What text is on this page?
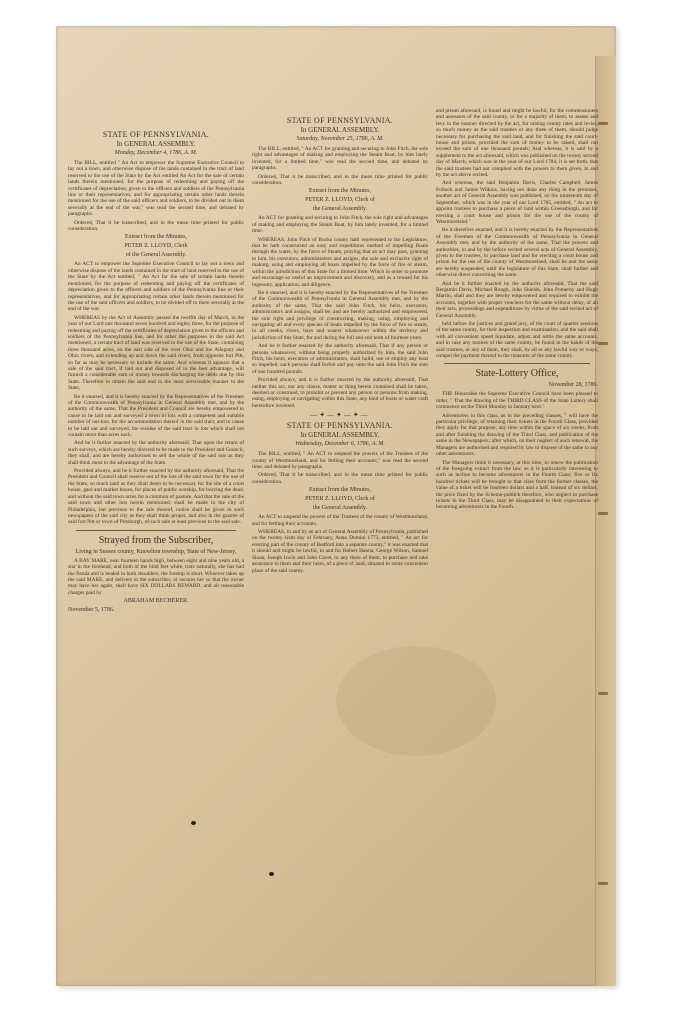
STATE OF PENNSYLVANIA.
In GENERAL ASSEMBLY.
Monday, December 4, 1786, A. M.

The BILL, entitled " An Act to empower the Supreme Executive Council to lay out a town, and otherwise dispose of the lands contained in the tract of land reserved to the use of the State by the Act entitled An Act for the sale of certain lands therein mentioned, for the purpose of redeeming and paying off the certificates of depreciation, given to the officers and soldiers of the Pennsylvania line or their representatives, and for appropriating certain other lands therein mentioned for the use of the said officers and soldiers, to be divided out to them severally at the end of the war," was read the second time, and debated by paragraphs.

Ordered, That it be transcribed, and in the mean time printed for public consideration.

Extract from the Minutes,
PETER Z. LLOYD, Clerk
of the General Assembly.

An ACT to empower the Supreme Executive Council to lay out a town and otherwise dispose of the lands contained in the tract of land reserved to the use of the State by the Act entitled, " An Act for the sale of certain lands therein mentioned, for the purpose of redeeming and paying off the certificates of depreciation given to the officers and soldiers of the Pennsylvania line or their representatives, and for appropriating certain other lands therein mentioned for the use of the said officers and soldiers, to be divided off to them severally at the end of the war.

WHEREAS by the Act of Assembly passed the twelfth day of March, in the year of our Lord one thousand seven hundred and eighty three, for the purpose of redeeming and paying off the certificates of depreciation given to the officers and soldiers of the Pennsylvania line, and for other the purposes in the said Act mentioned, a certain tract of land was reserved to the use of the State, containing three thousand acres, on the east side of the river Ohio and the Allegany and Ohio rivers, and extending up and down the said rivers, from opposite fort Pitt, so far as may be necessary to include the same; And whereas it appears that a sale of the said tract, if laid out and disposed of to the best advantage, will furnish a considerable sum of money towards discharging the debts due by this State. Therefore to obtain the said end in the most serviceable manner to the State,

Be it enacted, and it is hereby enacted by the Representatives of the Freemen of the Commonwealth of Pennsylvania in General Assembly met, and by the authority of the same, That the President and Council are hereby empowered to cause to be laid out and surveyed a town in lots with a competent and suitable number of out-lots, for the accommodation thereof in the said tract, and to cause to be laid out and surveyed, the residue of the said tract in lots which shall not contain more than acres each.

And be it further enacted by the authority aforesaid, That upon the return of such surveys, which are hereby directed to be made to the President and Council, they shall, and are hereby authorised to sell the whole of the said lots as they shall think most to the advantage of the State.

Provided always, and be it further enacted by the authority aforesaid, That the President and Council shall reserve out of the lots of the said town for the use of the State, so much land as they shall deem to be necessary for the site of a court house, gaol and market house, for places of public worship, for burying the dead, and without the said town acres for a common of pasture. And that the sale of the said town and other lots herein mentioned, shall be made in the city of Philadelphia, but previous to the sale thereof, notice shall be given in such newspapers of the said city as they shall think proper, and also in the gazette of said fort Pitt or town of Pittsburgh, of such sale at least previous to the said sale.

Strayed from the Subscriber,
Living in Sussex county, Knowlton township, State of New-Jersey,

A BAY MARE, near fourteen hands high, between eight and nine years old, a star in the forehead, and both of the hind feet white, trots naturally, she has had the fistula and is healed in both shoulders, the foretop is short. Whoever takes up the said MARE, and delivers to the subscriber, or secures her so that the owner may have her again, shall have SIX DOLLARS REWARD, and all reasonable charges paid by

ABRAHAM BECHERER.
November 5, 1786.
STATE OF PENNSYLVANIA.
In GENERAL ASSEMBLY.
Saturday, November 25, 1786, A. M.

The BILL, entitled, " An ACT for granting and securing to John Fitch, the sole right and advantages of making and employing the Steam Boat, by him lately invented, for a limited time," was read the second time, and debated by paragraphs.

Ordered, That it be transcribed, and in the mean time printed for public consideration.

Extract from the Minutes,
PETER Z. LLOYD, Clerk of
the General Assembly.

An ACT for granting and securing to John Fitch, the sole right and advantages of making and employing the Steam Boat, by him lately invented, for a limited time.

WHEREAS, John Fitch of Bucks county hath represented to the Legislature, that he hath constructed an easy and expeditious method of impelling Boats through the water, by the force of Steam, praying that an act may pass, granting to him, his executors, administrators and assigns, the sole and exclusive right of making, using and employing all boats impelled by the force of fire or steam, within the jurisdiction of this State for a limited time. Which in order to promote and encourage so useful an improvement and discovery, and as a reward for his ingenuity, application, and diligence,

Be it enacted, and it is hereby enacted by the Representatives of the Freemen of the Commonwealth of Pennsylvania in General Assembly met, and by the authority of the same, That the said John Fitch, his heirs, executors, administrators and assigns, shall be, and are hereby authorized and empowered, the sole right and privilege of constructing, making, using, employing and navigating all and every species of boats impelled by the force of fire or steam, in all creeks, rivers, bays and waters whatsoever within the territory and jurisdiction of this State, for and during the full and end term of fourteen years.

And be it further enacted by the authority aforesaid, That if any person or persons whatsoever, without being properly authorized by him, the said John Fitch, his heirs, executors or administrators, shall build, use or employ any boat so impelled, such persons shall forfeit and pay unto the said John Fitch the sum of one hundred pounds.

Provided always, and it is further enacted by the authority aforesaid, That neither this act, nor any clause, matter or thing herein contained shall be taken, deemed or construed, to prohibit or prevent any person or persons from making, using, employing or navigating within this State, any kind of boats or water craft heretofore invented.

—✦—✦—✦—
STATE OF PENNSYLVANIA.
In GENERAL ASSEMBLY.
Wednesday, December 6, 1786, A. M.

The BILL, entitled, " An ACT to suspend the powers of the Trustees of the county of Westmoreland, and for fettling their accounts," was read the second time, and debated by paragraphs.

Ordered, That it be transcribed, and in the mean time printed for public consideration.

Extract from the Minutes,
PETER Z. LLOYD, Clerk of
the General Assembly.

An ACT to suspend the powers of the Trustees of the county of Westmoreland, and for fettling their accounts.

WHEREAS, in and by an act of General Assembly of Pennsylvania, published on the twenty sixth day of February, Anno Domini 1773, entitled, " An act for erecting part of the county of Bedford into a separate county," it was enacted that it should and might be lawful, to and for Robert Hanna, George Wilson, Samuel Sloan, Joseph Irwin and John Cavet, or any three of them, to purchase and take assurance to them and their heirs, of a piece of land, situated in some convenient place of the said county.

and prison aforesaid, is found and might be lawful, for the commissioners and assessors of the said county, or for a majority of them, to assess and levy in the manner directed by the act, for raising county rates and levies, so much money as the said trustees or any three of them, should judge necessary for purchasing the said land, and for finishing the said court-house and prison, provided the sum of money to be raised, shall not exceed the sum of one thousand pounds; And whereas, it is said by a supplement to the act aforesaid, which was published on the twenty second day of March, which was in the year of our Lord 1784, it is set forth, that the said trustees had not complied with the powers to them given, in and by the act above recited.

And whereas, the said Benjamin Davis, Charles Campbell, James Pollock and James Wilkins, having not done any thing in the premises, another act of General Assembly was published, on the nineteenth day of September, which was in the year of our Lord 1785, entitled, " An act to appoint trustees to purchase a piece of land within Greensburgh, and for erecting a court house and prison for the use of the county of Westmoreland."

Be it therefore enacted, and it is hereby enacted by the Representatives of the Freemen of the Commonwealth of Pennsylvania in General Assembly met, and by the authority of the same, That the powers and authorities, in and by the before recited several acts of General Assembly, given to the trustees, to purchase land and for erecting a court house and prison for the use of the county of Westmoreland, shall be and the same are hereby suspended, until the legislature of this State, shall further and otherwise direct concerning the same.

And be it further enacted by the authority aforesaid, That the said Benjamin Davis, Michael Rough, John Shields, John Pomeroy and Hugh Martin, shall and they are hereby empowered and required to exhibit the accounts, together with proper vouchers for the same without delay, of all their acts, proceedings and expenditures by virtue of the said recited act of General Assembly.

held before the justices and grand jury, of the court of quarter sessions of the same county, for their inspection and examination, and the said shall with all convenient speed liquidate, adjust and settle the same accounts, and in case any monies of the same county, be found in the hands of the said trustees, or any of them, they shall, by all or any lawful way or ways, compel the payment thereof to the treasurer of the same county.

State-Lottery Office,
November 28, 1786.

THE Honorable the Supreme Executive Council have been pleased to order, " That the drawing of the THIRD CLASS of the State Lottery shall commence on the Third Monday in January next."

Adventurers in this class, as in the preceding classes, " will have the particular privilege, of retaining their tickets in the Fourth Class, provided they apply for that purpose, any time within the space of six weeks, from and after finishing the drawing of the Third Class, and publication of the same in the Newspapers; after which, on their neglect of such renewal, the Managers are authorised and required by law to dispose of the same to any other adventurers.

The Managers think it necessary, at this time, to renew the publication of the foregoing extract from the law, as it is particularly interesting to such as incline to become adventurers in the Fourth Class; five or fix hundred tickets will be brought to that class from the former classes, the value of a ticket will be fourteen dollars and a half, instead of six dollars, the price fixed by the Scheme-publick therefore, who neglect to purchase tickets in the Third Class, may be disappointed in their expectations of becoming adventurers in the Fourth.
